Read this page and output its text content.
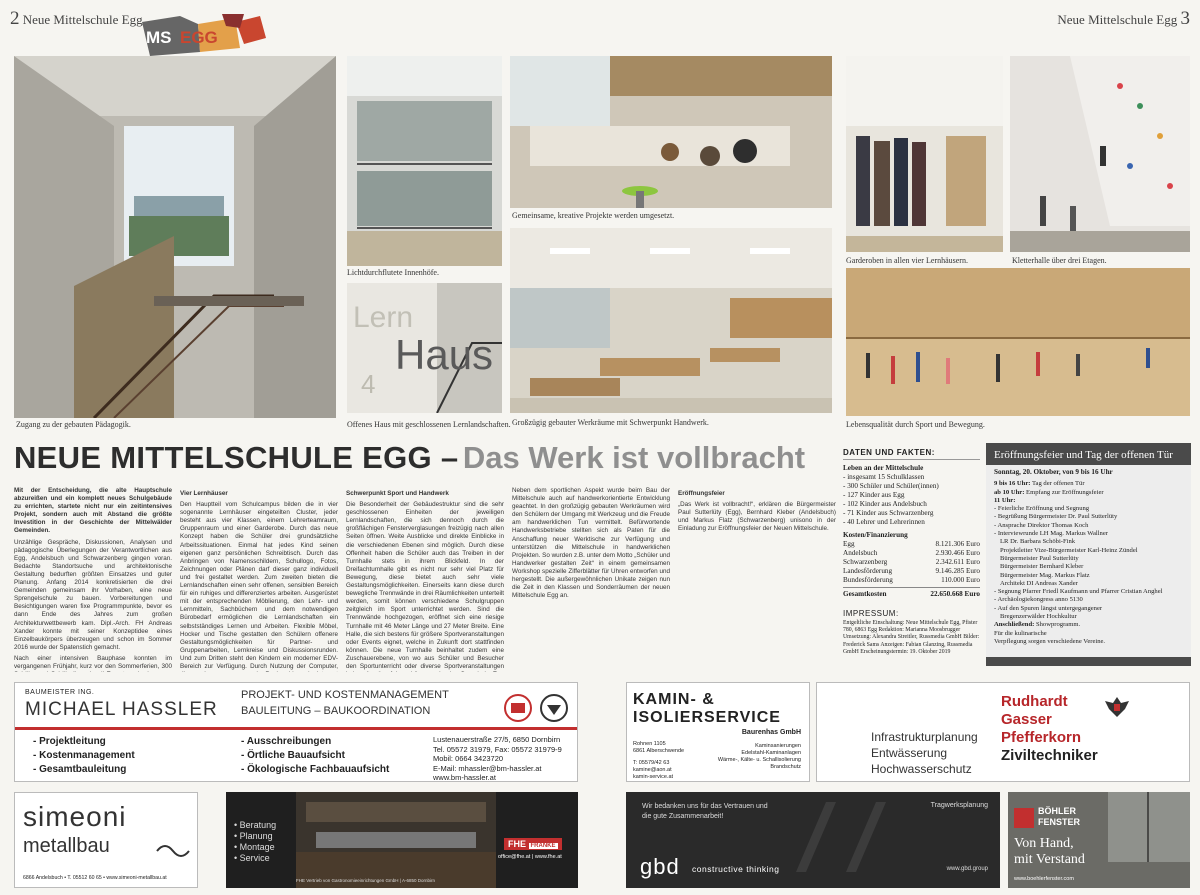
2 Neue Mittelschule Egg	Neue Mittelschule Egg 3
MS EGG
Zugang zu der gebauten Pädagogik.
Lichtdurchflutete Innenhöfe.
Lern
Haus
4
Offenes Haus mit geschlossenen Lernlandschaften.
Gemeinsame, kreative Projekte werden umgesetzt.
Großzügig gebauter Werkräume mit Schwerpunkt Handwerk.
Garderoben in allen vier Lernhäusern.	Kletterhalle über drei Etagen.
Lebensqualität durch Sport und Bewegung.
NEUE MITTELSCHULE EGG – Das Werk ist vollbracht

Mit der Entscheidung, die alte Hauptschule abzureißen und ein komplett neues Schulgebäude zu errichten, startete nicht nur ein zeitintensives Projekt, sondern auch mit Abstand die größte Investition in der Geschichte der Mittelwälder Gemeinden.

Unzählige Gespräche, Diskussionen, Analysen und pädagogische Überlegungen der Verantwortlichen aus Egg, Andelsbuch und Schwarzenberg gingen voran. Bedachte Standortsuche und architektonische Gestaltung bedurften größten Einsatzes und guter Planung. Anfang 2014 konkretisierten die drei Gemeinden gemeinsam ihr Vorhaben, eine neue Sprengelschule zu bauen. Vorbereitungen und Besichtigungen waren fixe Programmpunkte, bevor es dann Ende des Jahres zum großen Architekturwettbewerb kam. Dipl.-Arch. FH Andreas Xander konnte mit seiner Konzeptidee eines Einzelbaukörpers überzeugen und schon im Sommer 2016 wurde der Spatenstich gemacht.

Nach einer intensiven Bauphase konnten im vergangenen Frühjahr, kurz vor den Sommerferien, 300

Vier Lernhäuser

Den Hauptteil vom Schulcampus bilden die in vier sogenannte Lernhäuser eingeteilten Cluster, jeder besteht aus vier Klassen, einem Lehrerteamraum, Gruppenraum und einer Garderobe. Durch das neue Konzept haben die Schüler drei grundsätzliche Arbeitssituationen. Einmal hat jedes Kind seinen eigenen ganz persönlichen Schreibtisch. Durch das Anbringen von Namensschildern, Schullogo, Fotos, Zeichnungen oder Plänen darf dieser ganz individuell und frei gestaltet werden. Zum zweiten bieten die Lernlandschaften einen sehr offenen, sensiblen Bereich für ein ruhiges und differenziertes arbeiten. Ausgerüstet mit der entsprechenden Möblierung, den Lehr- und Lernmitteln, Sachbüchern und dem notwendigen Bürobedarf ermöglichen die Lernlandschaften ein selbstständiges Lernen und Arbeiten. Flexible Möbel, Hocker und Tische gestatten den Schülern offenere Gestaltungsmöglichkeiten für Partner- und Gruppenarbeiten, Lernkreise und Diskussionsrunden. Und zum Dritten steht den Kindern ein moderner EDV-Bereich zur Verfügung. Durch Nutzung der Computer,

Schwerpunkt Sport und Handwerk

Die Besonderheit der Gebäudestruktur sind die sehr geschlossenen Einheiten der jeweiligen Lernlandschaften, die sich dennoch durch die großflächigen Fensterverglasungen freizügig nach allen Seiten öffnen. Weite Ausblicke und direkte Einblicke in die verschiedenen Ebenen sind möglich. Durch diese Offenheit haben die Schüler auch das Treiben in der Turnhalle stets in ihrem Blickfeld. In der Dreifachturnhalle gibt es nicht nur sehr viel Platz für Bewegung, diese bietet auch sehr viele Gestaltungsmöglichkeiten. Einerseits kann diese durch bewegliche Trennwände in drei Räumlichkeiten unterteilt werden, somit können verschiedene Schulgruppen zeitgleich im Sport unterrichtet werden. Sind die Trennwände hochgezogen, eröffnet sich eine riesige Turnhalle mit 46 Meter Länge und 27 Meter Breite. Eine Halle, die sich bestens für größere Sportveranstaltungen oder Events eignet, welche in Zukunft dort stattfinden können. Die neue Turnhalle beinhaltet zudem eine Zuschauerebene, von wo aus Schüler und Besucher den Sportunterricht oder diverse Sportveranstaltungen

Neben dem sportlichen Aspekt wurde beim Bau der Mittelschule auch auf handwerkorientierte Entwicklung geachtet. In den großzügig gebauten Werkräumen wird den Schülern der Umgang mit Werkzeug und die Freude am handwerklichen Tun vermittelt. Befürwortende Handwerksbetriebe stellten sich als Paten für die Anschaffung neuer Werktische zur Verfügung und unterstützen die Mittelschule in handwerklichen Projekten. So wurden z.B. unter dem Motto „Schüler und Handwerker gestalten Zeit“ in einem gemeinsamen Workshop spezielle Zifferblätter für Uhren entworfen und hergestellt. Die außergewöhnlichen Unikate zeigen nun die Zeit in den Klassen und Sonderräumen der neuen Mittelschule Egg an.

Eröffnungsfeier

„Das Werk ist vollbracht!“, erklären die Bürgermeister Paul Sutterlüty (Egg), Bernhard Kleber (Andelsbuch) und Markus Flatz (Schwarzenberg) unisono in der Einladung zur Eröffnungsfeier der Neuen Mittelschule.

DATEN UND FAKTEN:
Leben an der Mittelschule
- insgesamt 15 Schulklassen
- 300 Schüler und Schüler(innen)
- 127 Kinder aus Egg
- 102 Kinder aus Andelsbuch
- 71 Kinder aus Schwarzenberg
- 40 Lehrer und Lehrerinnen
Kosten/Finanzierung
Egg	8.121.306 Euro
Andelsbuch	2.930.466 Euro
Schwarzenberg	2.342.611 Euro
Landesförderung	9.146.285 Euro
Bundesförderung	110.000 Euro
Gesamtkosten	22.650.668 Euro
IMPRESSUM:
Entgeltliche Einschaltung: Neue Mittelschule Egg, Pfister 780, 6863 Egg Redaktion: Marianna Moosbrugger Umsetzung: Alexandra Streitler, Russmedia GmbH Bilder: Frederick Sams Anzeigen: Fabian Glanzing, Russmedia GmbH Erscheinungstermin: 19. Oktober 2019
Eröffnungsfeier und Tag der offenen Tür
Sonntag, 20. Oktober, von 9 bis 16 Uhr
9 bis 16 Uhr: Tag der offenen Tür
ab 10 Uhr: Empfang zur Eröffnungsfeier
11 Uhr:
- Feierliche Eröffnung und Segnung
- Begrüßung Bürgermeister Dr. Paul Sutterlüty
- Ansprache Direktor Thomas Koch
- Interviewrunde LH Mag. Markus Wallner
LR Dr. Barbara Schöbi-Fink
Projektleiter Vize-Bürgermeister Karl-Heinz Zündel
Bürgermeister Paul Sutterlüty
Bürgermeister Bernhard Kleber
Bürgermeister Mag. Markus Flatz
Architekt DI Andreas Xander
- Segnung Pfarrer Friedl Kaufmann und Pfarrer Cristian Anghel
- Archäologiekongress anno 5130
- Auf den Spuren längst untergegangener
Bregenzerwälder Hochkultur
Anschließend: Showprogramm.
Für die kulinarische
Verpflegung sorgen verschiedene Vereine.
BAUMEISTER ING.
MICHAEL HASSLER
PROJEKT- UND KOSTENMANAGEMENT
BAULEITUNG – BAUKOORDINATION
- Projektleitung
- Kostenmanagement
- Gesamtbauleitung
- Ausschreibungen
- Örtliche Bauaufsicht
- Ökologische Fachbauaufsicht
Lustenauerstraße 27/5, 6850 Dornbirn
Tel. 05572 31979, Fax: 05572 31979-9
Mobil: 0664 3423720
E-Mail: mhassler@bm-hassler.at
www.bm-hassler.at
KAMIN- &
ISOLIERSERVICE
Baurenhas GmbH
Rohnen 1105
6861 Alberschwende
T: 05579/42 63
kamine@aon.at
kamin-service.at
Kaminsanierungen
Edelstahl-Kaminanlagen
Wärme-, Kälte- u. Schallisolierung
Brandschutz
Infrastrukturplanung
Entwässerung
Hochwasserschutz
Rudhardt
Gasser
Pfefferkorn
Ziviltechniker
simeoni
metallbau
6866 Andelsbuch • T. 05512 60 65 • www.simeoni-metallbau.at
• Beratung
• Planung
• Montage
• Service
FHE FRANKE
office@fhe.at | www.fhe.at
FHE Vertrieb von Gastronomieeinrichtungen GmbH | A-6850 Dornbirn
Wir bedanken uns für das Vertrauen und
die gute Zusammenarbeit!
Tragwerksplanung
gbd constructive thinking	www.gbd.group
BÖHLER
FENSTER
Von Hand,
mit Verstand
www.boehlerfenster.com
